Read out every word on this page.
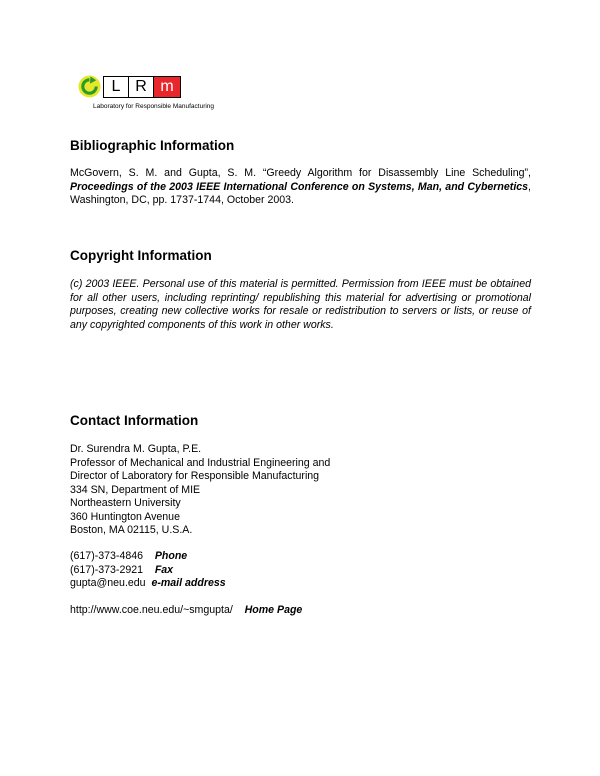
L R m
Laboratory for Responsible Manufacturing
Bibliographic Information

McGovern, S. M. and Gupta, S. M. “Greedy Algorithm for Disassembly Line Scheduling”, Proceedings of the 2003 IEEE International Conference on Systems, Man, and Cybernetics, Washington, DC, pp. 1737-1744, October 2003.

Copyright Information

(c) 2003 IEEE. Personal use of this material is permitted. Permission from IEEE must be obtained for all other users, including reprinting/ republishing this material for advertising or promotional purposes, creating new collective works for resale or redistribution to servers or lists, or reuse of any copyrighted components of this work in other works.

Contact Information
Dr. Surendra M. Gupta, P.E.
Professor of Mechanical and Industrial Engineering and
Director of Laboratory for Responsible Manufacturing
334 SN, Department of MIE
Northeastern University
360 Huntington Avenue
Boston, MA 02115, U.S.A.
(617)-373-4846 Phone
(617)-373-2921 Fax
gupta@neu.edu e-mail address
http://www.coe.neu.edu/~smgupta/ Home Page
